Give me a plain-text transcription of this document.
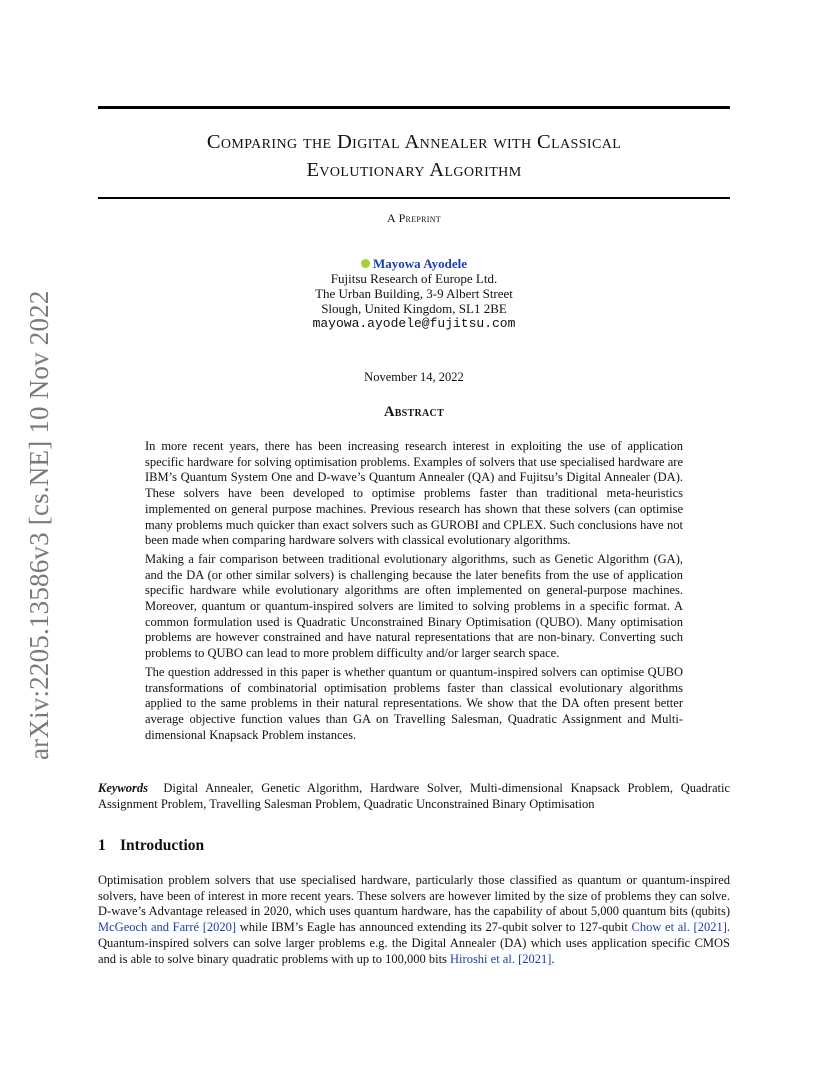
arXiv:2205.13586v3 [cs.NE] 10 Nov 2022
Comparing the Digital Annealer with Classical
Evolutionary Algorithm
A Preprint
Mayowa Ayodele
Fujitsu Research of Europe Ltd.
The Urban Building, 3-9 Albert Street
Slough, United Kingdom, SL1 2BE
mayowa.ayodele@fujitsu.com
November 14, 2022
Abstract

In more recent years, there has been increasing research interest in exploiting the use of application specific hardware for solving optimisation problems. Examples of solvers that use specialised hardware are IBM’s Quantum System One and D-wave’s Quantum Annealer (QA) and Fujitsu’s Digital Annealer (DA). These solvers have been developed to optimise problems faster than traditional meta-heuristics implemented on general purpose machines. Previous research has shown that these solvers (can optimise many problems much quicker than exact solvers such as GUROBI and CPLEX. Such conclusions have not been made when comparing hardware solvers with classical evolutionary algorithms.

Making a fair comparison between traditional evolutionary algorithms, such as Genetic Algorithm (GA), and the DA (or other similar solvers) is challenging because the later benefits from the use of application specific hardware while evolutionary algorithms are often implemented on general-purpose machines. Moreover, quantum or quantum-inspired solvers are limited to solving problems in a specific format. A common formulation used is Quadratic Unconstrained Binary Optimisation (QUBO). Many optimisation problems are however constrained and have natural representations that are non-binary. Converting such problems to QUBO can lead to more problem difficulty and/or larger search space.

The question addressed in this paper is whether quantum or quantum-inspired solvers can optimise QUBO transformations of combinatorial optimisation problems faster than classical evolutionary algorithms applied to the same problems in their natural representations. We show that the DA often present better average objective function values than GA on Travelling Salesman, Quadratic Assignment and Multi-dimensional Knapsack Problem instances.

Keywords Digital Annealer, Genetic Algorithm, Hardware Solver, Multi-dimensional Knapsack Problem, Quadratic Assignment Problem, Travelling Salesman Problem, Quadratic Unconstrained Binary Optimisation
1 Introduction

Optimisation problem solvers that use specialised hardware, particularly those classified as quantum or quantum-inspired solvers, have been of interest in more recent years. These solvers are however limited by the size of problems they can solve. D-wave’s Advantage released in 2020, which uses quantum hardware, has the capability of about 5,000 quantum bits (qubits) McGeoch and Farré [2020] while IBM’s Eagle has announced extending its 27-qubit solver to 127-qubit Chow et al. [2021]. Quantum-inspired solvers can solve larger problems e.g. the Digital Annealer (DA) which uses application specific CMOS and is able to solve binary quadratic problems with up to 100,000 bits Hiroshi et al. [2021].
